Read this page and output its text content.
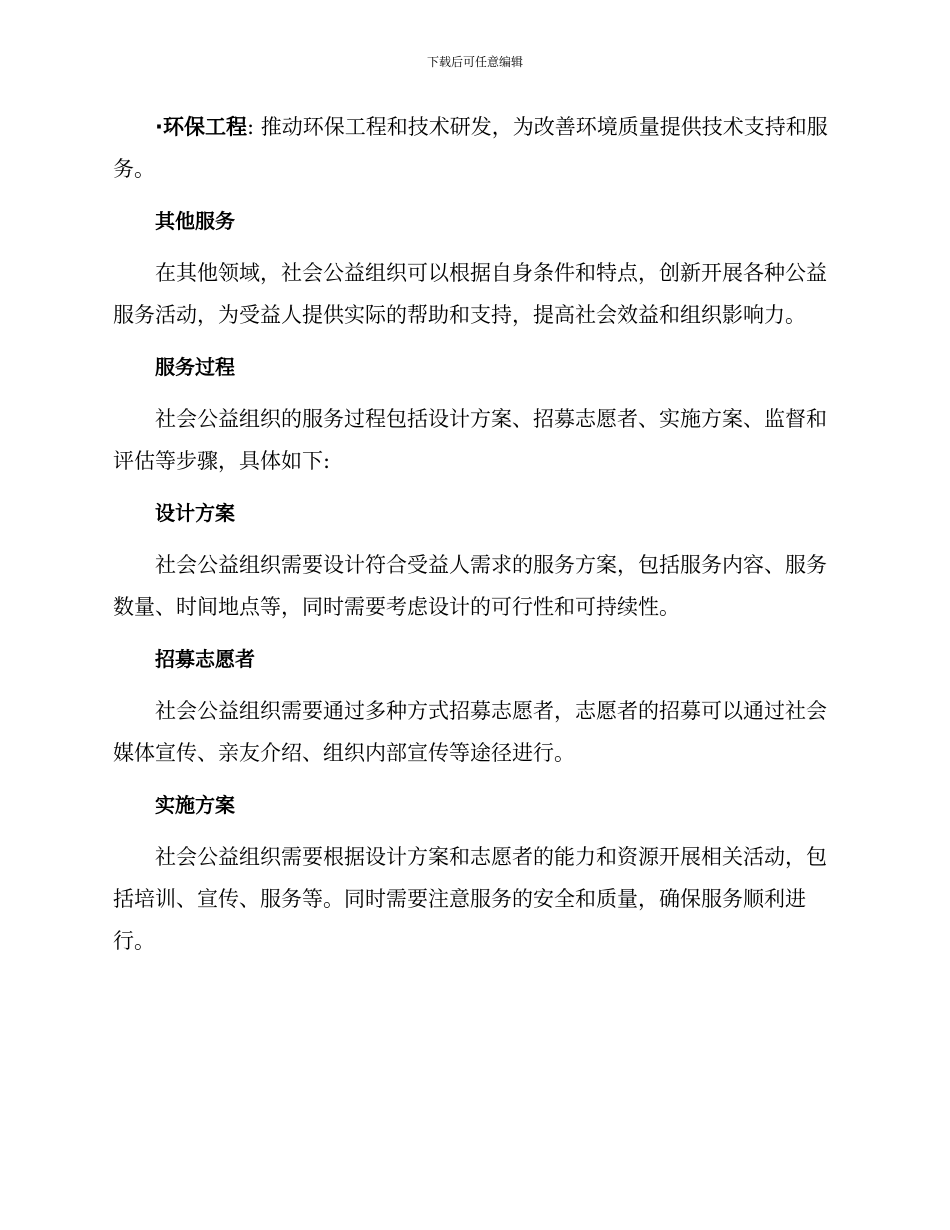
下载后可任意编辑

·环保工程: 推动环保工程和技术研发，为改善环境质量提供技术支持和服务。

其他服务

在其他领域，社会公益组织可以根据自身条件和特点，创新开展各种公益服务活动，为受益人提供实际的帮助和支持，提高社会效益和组织影响力。

服务过程

社会公益组织的服务过程包括设计方案、招募志愿者、实施方案、监督和评估等步骤，具体如下:

设计方案

社会公益组织需要设计符合受益人需求的服务方案，包括服务内容、服务数量、时间地点等，同时需要考虑设计的可行性和可持续性。

招募志愿者

社会公益组织需要通过多种方式招募志愿者，志愿者的招募可以通过社会媒体宣传、亲友介绍、组织内部宣传等途径进行。

实施方案

社会公益组织需要根据设计方案和志愿者的能力和资源开展相关活动，包括培训、宣传、服务等。同时需要注意服务的安全和质量，确保服务顺利进行。
